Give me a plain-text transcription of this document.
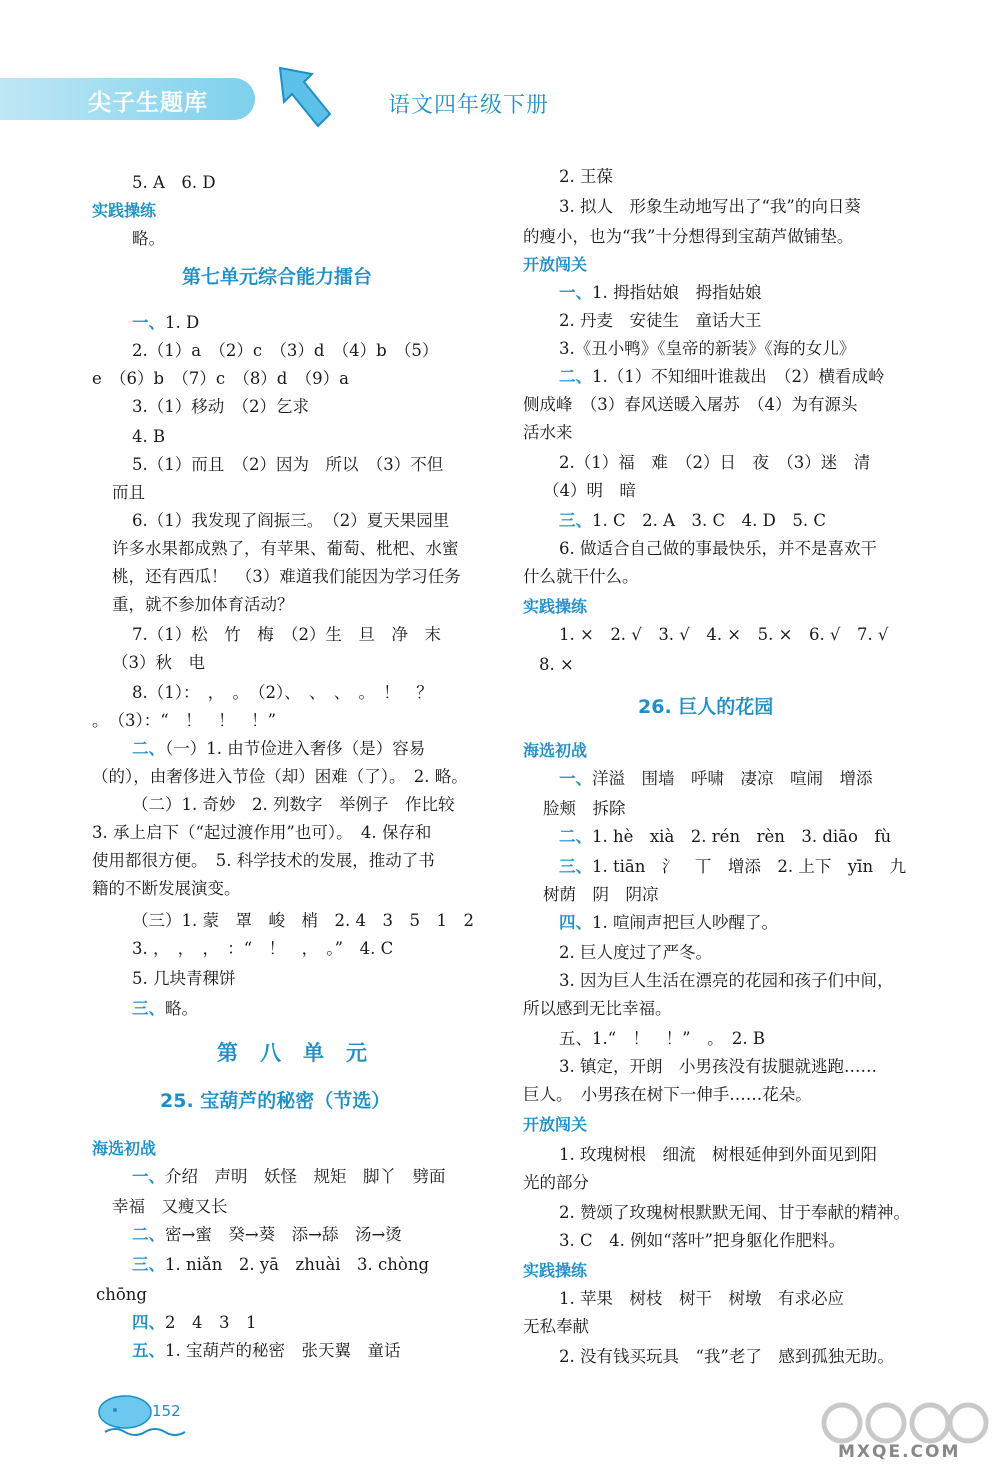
尖子生题库	语文四年级下册
5. A　6. D
实践操练
略。
第七单元综合能力擂台
一、1. D
2.（1）a　（2）c　（3）d　（4）b　（5）
e　（6）b　（7）c　（8）d　（9）a
3.（1）移动　（2）乞求
4. B
5.（1）而且　（2）因为　所以　（3）不但
而且
6.（1）我发现了阎振三。　（2）夏天果园里
许多水果都成熟了，有苹果、葡萄、枇杷、水蜜
桃，还有西瓜！　（3）难道我们能因为学习任务
重，就不参加体育活动？
7.（1）松　竹　梅　（2）生　旦　净　末
（3）秋　电
8.（1）：　，　。　（2）、　、　、　。　！　？
。　（3）：“　！　！　！”
二、（一）1. 由节俭进入奢侈（是）容易
（的），由奢侈进入节俭（却）困难（了）。　2. 略。
（二）1. 奇妙　2. 列数字　举例子　作比较
3. 承上启下（“起过渡作用”也可）。　4. 保存和
使用都很方便。　5. 科学技术的发展，推动了书
籍的不断发展演变。
（三）1. 蒙　罩　峻　梢　2. 4　3　5　1　2
3. ，　，　，　：“　！　，　。”　4. C
5. 几块青稞饼
三、略。
第八单元
25. 宝葫芦的秘密（节选）
海选初战
一、介绍　声明　妖怪　规矩　脚丫　劈面
幸福　又瘦又长
二、密→蜜　癸→葵　添→舔　汤→烫
三、1. niǎn　2. yā　zhuài　3. chòng
chōng
四、2　4　3　1
五、1. 宝葫芦的秘密　张天翼　童话
2. 王葆
3. 拟人　形象生动地写出了“我”的向日葵
的瘦小，也为“我”十分想得到宝葫芦做铺垫。
开放闯关
一、1. 拇指姑娘　拇指姑娘
2. 丹麦　安徒生　童话大王
3.《丑小鸭》《皇帝的新装》《海的女儿》
二、1.（1）不知细叶谁裁出　（2）横看成岭
侧成峰　（3）春风送暖入屠苏　（4）为有源头
活水来
2.（1）福　难　（2）日　夜　（3）迷　清
（4）明　暗
三、1. C　2. A　3. C　4. D　5. C
6. 做适合自己做的事最快乐，并不是喜欢干
什么就干什么。
实践操练
1. ×　2. √　3. √　4. ×　5. ×　6. √　7. √
8. ×
26. 巨人的花园
海选初战
一、洋溢　围墙　呼啸　凄凉　喧闹　增添
脸颊　拆除
二、1. hè　xià　2. rén　rèn　3. diāo　fù
三、1. tiān　氵　丅　增添　2. 上下　yīn　九
树荫　阴　阴凉
四、1. 喧闹声把巨人吵醒了。
2. 巨人度过了严冬。
3. 因为巨人生活在漂亮的花园和孩子们中间，
所以感到无比幸福。
五、1.“　！　！”　。　2. B
3. 镇定，开朗　小男孩没有拔腿就逃跑……
巨人。　小男孩在树下一伸手……花朵。
开放闯关
1. 玫瑰树根　细流　树根延伸到外面见到阳
光的部分
2. 赞颂了玫瑰树根默默无闻、甘于奉献的精神。
3. C　4. 例如“落叶”把身躯化作肥料。
实践操练
1. 苹果　树枝　树干　树墩　有求必应
无私奉献
2. 没有钱买玩具　“我”老了　感到孤独无助。
152
MXQE.COM
